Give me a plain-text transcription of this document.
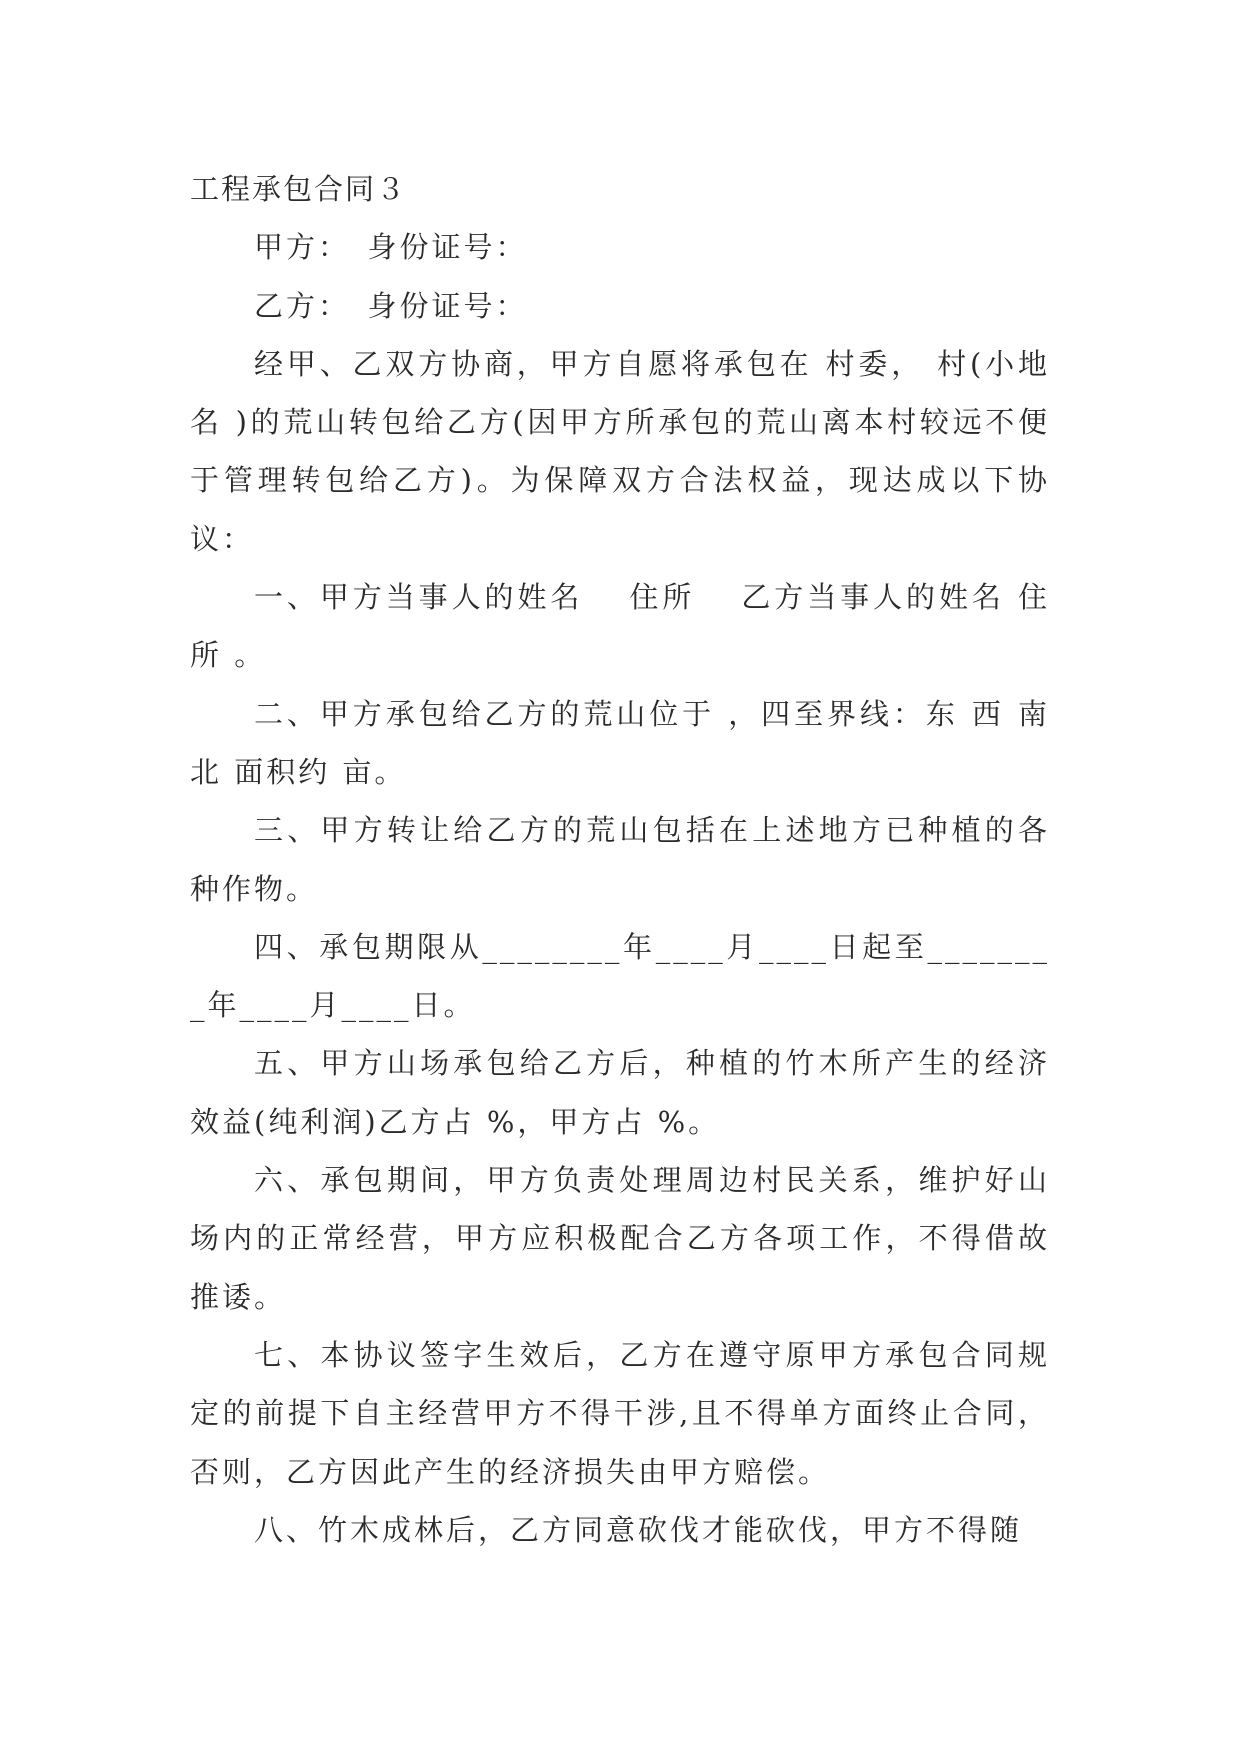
工程承包合同３

甲方：　身份证号：

乙方：　身份证号：

经甲、乙双方协商，甲方自愿将承包在 村委， 村(小地名 )的荒山转包给乙方(因甲方所承包的荒山离本村较远不便于管理转包给乙方)。为保障双方合法权益，现达成以下协议：

一、甲方当事人的姓名　 住所　 乙方当事人的姓名 住所 。

二、甲方承包给乙方的荒山位于 ，四至界线：东 西 南 北 面积约 亩。

三、甲方转让给乙方的荒山包括在上述地方已种植的各种作物。

四、承包期限从________年____月____日起至________年____月____日。

五、甲方山场承包给乙方后，种植的竹木所产生的经济效益(纯利润)乙方占 %，甲方占 %。

六、承包期间，甲方负责处理周边村民关系，维护好山场内的正常经营，甲方应积极配合乙方各项工作，不得借故推诿。

七、本协议签字生效后，乙方在遵守原甲方承包合同规定的前提下自主经营甲方不得干涉,且不得单方面终止合同，否则，乙方因此产生的经济损失由甲方赔偿。

八、竹木成林后，乙方同意砍伐才能砍伐，甲方不得随
